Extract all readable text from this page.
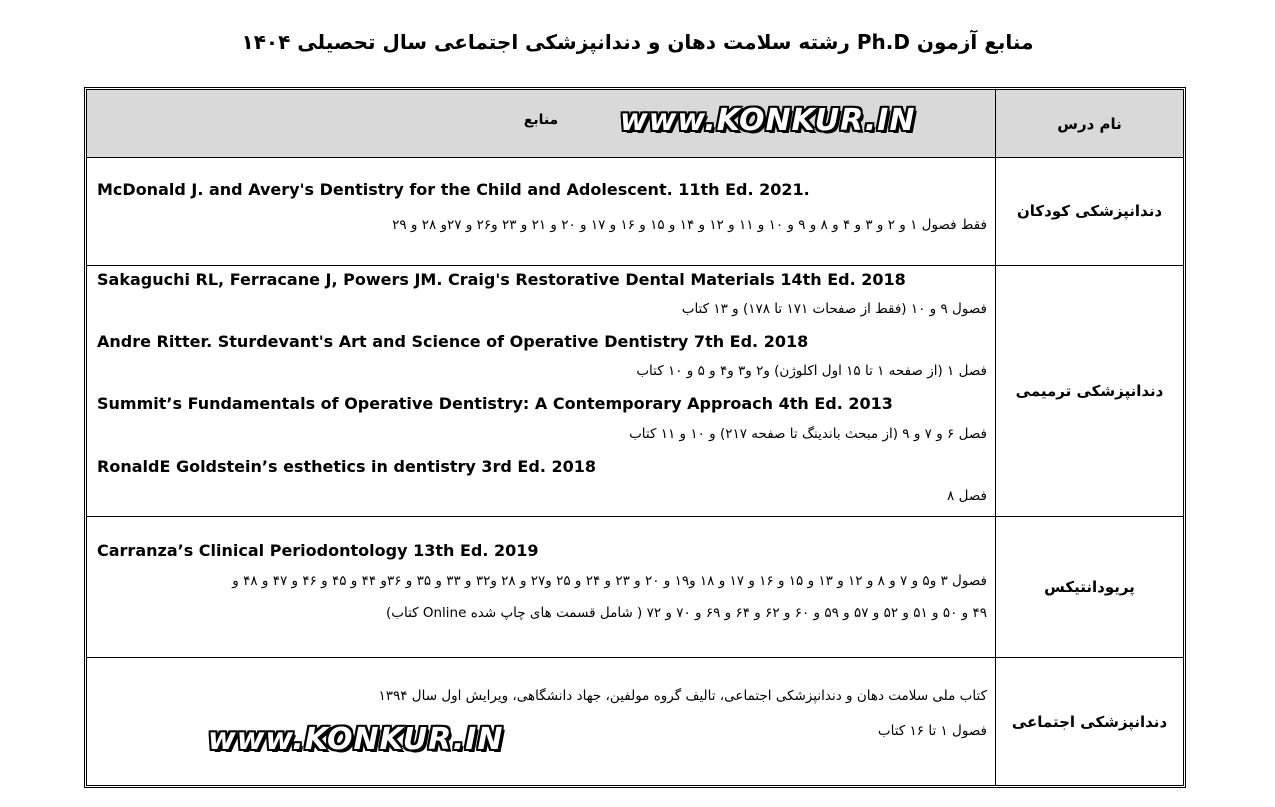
منابع آزمون Ph.D رشته سلامت دهان و دندانپزشکی اجتماعی سال تحصیلی ۱۴۰۴
منابع	نام درس
McDonald J. and Avery's Dentistry for the Child and Adolescent. 11th Ed. 2021.
فقط فصول ۱ و ۲ و ۳ و ۴ و ۸ و ۹ و ۱۰ و ۱۱ و ۱۲ و ۱۴ و ۱۵ و ۱۶ و ۱۷ و ۲۰ و ۲۱ و ۲۳ و۲۶ و ۲۷و ۲۸ و ۲۹
دندانپزشکی کودکان
Sakaguchi RL, Ferracane J, Powers JM. Craig's Restorative Dental Materials 14th Ed. 2018
فصول ۹ و ۱۰ (فقط از صفحات ۱۷۱ تا ۱۷۸) و ۱۳ کتاب
Andre Ritter. Sturdevant's Art and Science of Operative Dentistry 7th Ed. 2018
فصل ۱ (از صفحه ۱ تا ۱۵ اول اکلوژن) و۲ و۳ و۴ و ۵ و ۱۰ کتاب
Summit’s Fundamentals of Operative Dentistry: A Contemporary Approach 4th Ed. 2013
فصل ۶ و ۷ و ۹ (از مبحث باندینگ تا صفحه ۲۱۷) و ۱۰ و ۱۱ کتاب
RonaldE Goldstein’s esthetics in dentistry 3rd Ed. 2018
فصل ۸
دندانپزشکی ترمیمی
Carranza’s Clinical Periodontology 13th Ed. 2019
فصول ۳ و۵ و ۷ و ۸ و ۱۲ و ۱۳ و ۱۵ و ۱۶ و ۱۷ و ۱۸ و۱۹ و ۲۰ و ۲۳ و ۲۴ و ۲۵ و۲۷ و ۲۸ و۳۲ و ۳۳ و ۳۵ و ۳۶و ۴۴ و ۴۵ و ۴۶ و ۴۷ و ۴۸ و
۴۹ و ۵۰ و ۵۱ و ۵۲ و ۵۷ و ۵۹ و ۶۰ و ۶۲ و ۶۴ و ۶۹ و ۷۰ و ۷۲ ( شامل قسمت های چاپ شده Online کتاب)
پریودانتیکس
کتاب ملی سلامت دهان و دندانپزشکی اجتماعی، تالیف گروه مولفین، جهاد دانشگاهی، ویرایش اول سال ۱۳۹۴
فصول ۱ تا ۱۶ کتاب
دندانپزشکی اجتماعی
www.KONKUR.IN
www.KONKUR.IN
